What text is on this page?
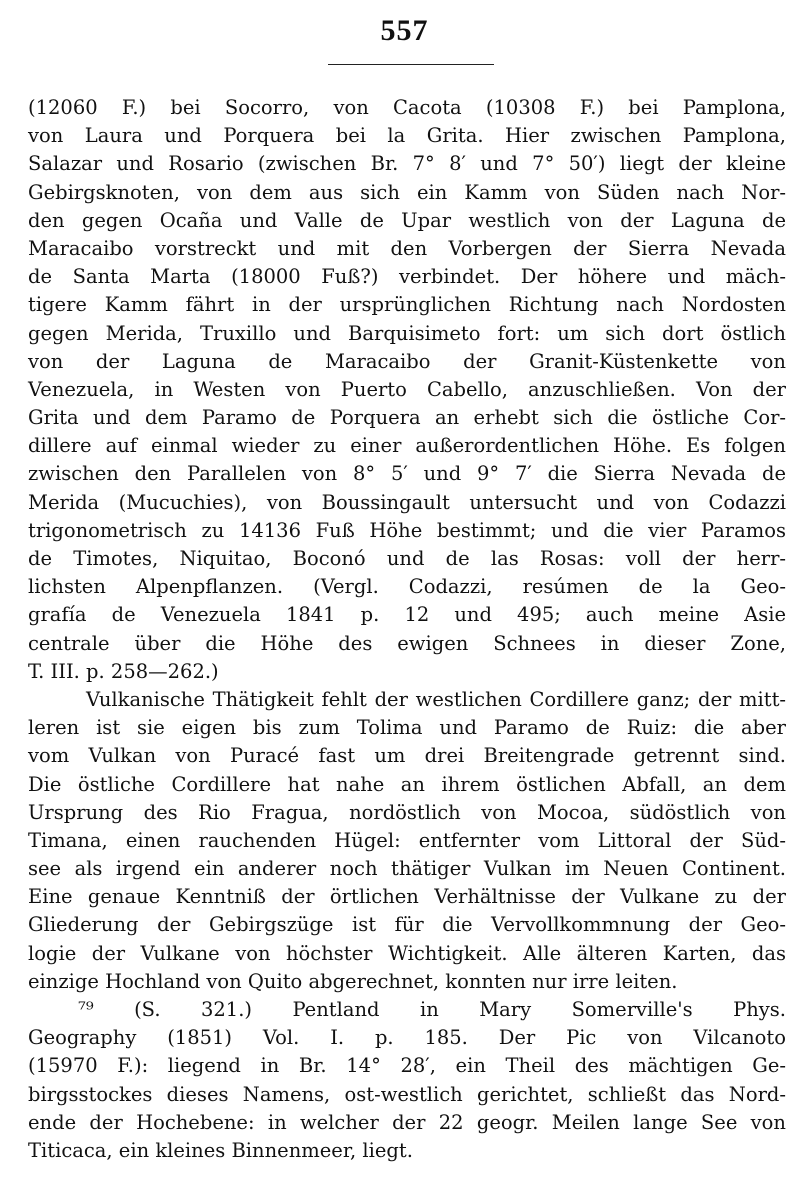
557
(12060 F.) bei Socorro, von Cacota (10308 F.) bei Pamplona,
von Laura und Porquera bei la Grita. Hier zwischen Pamplona,
Salazar und Rosario (zwischen Br. 7° 8′ und 7° 50′) liegt der kleine
Gebirgsknoten, von dem aus sich ein Kamm von Süden nach Nor-
den gegen Ocaña und Valle de Upar westlich von der Laguna de
Maracaibo vorstreckt und mit den Vorbergen der Sierra Nevada
de Santa Marta (18000 Fuß?) verbindet. Der höhere und mäch-
tigere Kamm fährt in der ursprünglichen Richtung nach Nordosten
gegen Merida, Truxillo und Barquisimeto fort: um sich dort östlich
von der Laguna de Maracaibo der Granit-Küstenkette von
Venezuela, in Westen von Puerto Cabello, anzuschließen. Von der
Grita und dem Paramo de Porquera an erhebt sich die östliche Cor-
dillere auf einmal wieder zu einer außerordentlichen Höhe. Es folgen
zwischen den Parallelen von 8° 5′ und 9° 7′ die Sierra Nevada de
Merida (Mucuchies), von Boussingault untersucht und von Codazzi
trigonometrisch zu 14136 Fuß Höhe bestimmt; und die vier Paramos
de Timotes, Niquitao, Boconó und de las Rosas: voll der herr-
lichsten Alpenpflanzen. (Vergl. Codazzi, resúmen de la Geo-
grafía de Venezuela 1841 p. 12 und 495; auch meine Asie
centrale über die Höhe des ewigen Schnees in dieser Zone,
T. III. p. 258—262.)
Vulkanische Thätigkeit fehlt der westlichen Cordillere ganz; der mitt-
leren ist sie eigen bis zum Tolima und Paramo de Ruiz: die aber
vom Vulkan von Puracé fast um drei Breitengrade getrennt sind.
Die östliche Cordillere hat nahe an ihrem östlichen Abfall, an dem
Ursprung des Rio Fragua, nordöstlich von Mocoa, südöstlich von
Timana, einen rauchenden Hügel: entfernter vom Littoral der Süd-
see als irgend ein anderer noch thätiger Vulkan im Neuen Continent.
Eine genaue Kenntniß der örtlichen Verhältnisse der Vulkane zu der
Gliederung der Gebirgszüge ist für die Vervollkommnung der Geo-
logie der Vulkane von höchster Wichtigkeit. Alle älteren Karten, das
einzige Hochland von Quito abgerechnet, konnten nur irre leiten.
⁷⁹ (S. 321.) Pentland in Mary Somerville's Phys.
Geography (1851) Vol. I. p. 185. Der Pic von Vilcanoto
(15970 F.): liegend in Br. 14° 28′, ein Theil des mächtigen Ge-
birgsstockes dieses Namens, ost-westlich gerichtet, schließt das Nord-
ende der Hochebene: in welcher der 22 geogr. Meilen lange See von
Titicaca, ein kleines Binnenmeer, liegt.
